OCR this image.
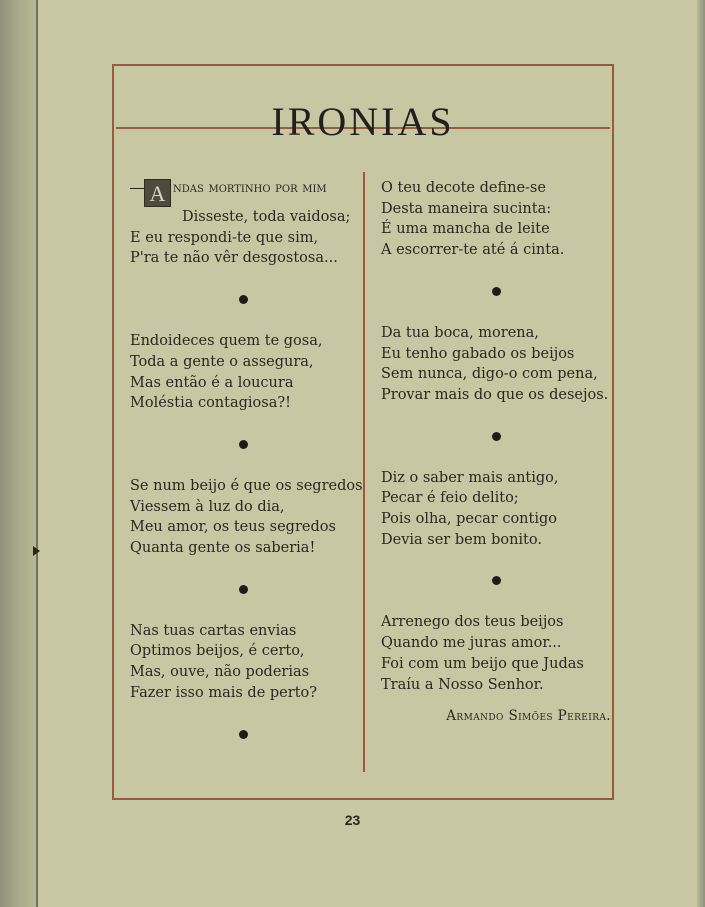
IRONIAS

A ndas mortinho por mim

Disseste, toda vaidosa;

E eu respondi-te que sim,

P'ra te não vêr desgostosa...

Endoideces quem te gosa,

Toda a gente o assegura,

Mas então é a loucura

Moléstia contagiosa?!

Se num beijo é que os segredos

Viessem à luz do dia,

Meu amor, os teus segredos

Quanta gente os saberia!

Nas tuas cartas envias

Optimos beijos, é certo,

Mas, ouve, não poderias

Fazer isso mais de perto?

O teu decote define-se

Desta maneira sucinta:

É uma mancha de leite

A escorrer-te até á cinta.

Da tua boca, morena,

Eu tenho gabado os beijos

Sem nunca, digo-o com pena,

Provar mais do que os desejos.

Diz o saber mais antigo,

Pecar é feio delito;

Pois olha, pecar contigo

Devia ser bem bonito.

Arrenego dos teus beijos

Quando me juras amor...

Foi com um beijo que Judas

Traíu a Nosso Senhor.

Armando Simões Pereira.
23
